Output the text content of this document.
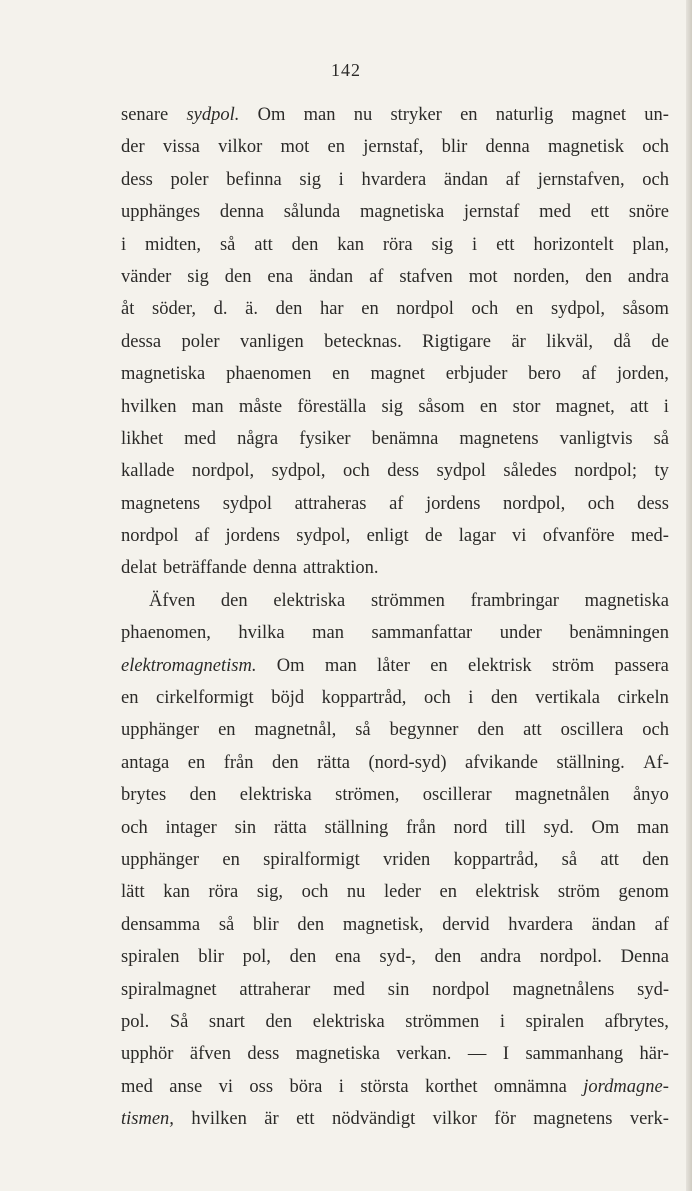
142
senare sydpol. Om man nu stryker en naturlig magnet un-
der vissa vilkor mot en jernstaf, blir denna magnetisk och
dess poler befinna sig i hvardera ändan af jernstafven, och
upphänges denna sålunda magnetiska jernstaf med ett snöre
i midten, så att den kan röra sig i ett horizontelt plan,
vänder sig den ena ändan af stafven mot norden, den andra
åt söder, d. ä. den har en nordpol och en sydpol, såsom
dessa poler vanligen betecknas. Rigtigare är likväl, då de
magnetiska phaenomen en magnet erbjuder bero af jorden,
hvilken man måste föreställa sig såsom en stor magnet, att i
likhet med några fysiker benämna magnetens vanligtvis så
kallade nordpol, sydpol, och dess sydpol således nordpol; ty
magnetens sydpol attraheras af jordens nordpol, och dess
nordpol af jordens sydpol, enligt de lagar vi ofvanföre med-
delat beträffande denna attraktion.
Äfven den elektriska strömmen frambringar magnetiska
phaenomen, hvilka man sammanfattar under benämningen
elektromagnetism. Om man låter en elektrisk ström passera
en cirkelformigt böjd koppartråd, och i den vertikala cirkeln
upphänger en magnetnål, så begynner den att oscillera och
antaga en från den rätta (nord-syd) afvikande ställning. Af-
brytes den elektriska strömen, oscillerar magnetnålen ånyo
och intager sin rätta ställning från nord till syd. Om man
upphänger en spiralformigt vriden koppartråd, så att den
lätt kan röra sig, och nu leder en elektrisk ström genom
densamma så blir den magnetisk, dervid hvardera ändan af
spiralen blir pol, den ena syd-, den andra nordpol. Denna
spiralmagnet attraherar med sin nordpol magnetnålens syd-
pol. Så snart den elektriska strömmen i spiralen afbrytes,
upphör äfven dess magnetiska verkan. — I sammanhang här-
med anse vi oss böra i största korthet omnämna jordmagne-
tismen, hvilken är ett nödvändigt vilkor för magnetens verk-
